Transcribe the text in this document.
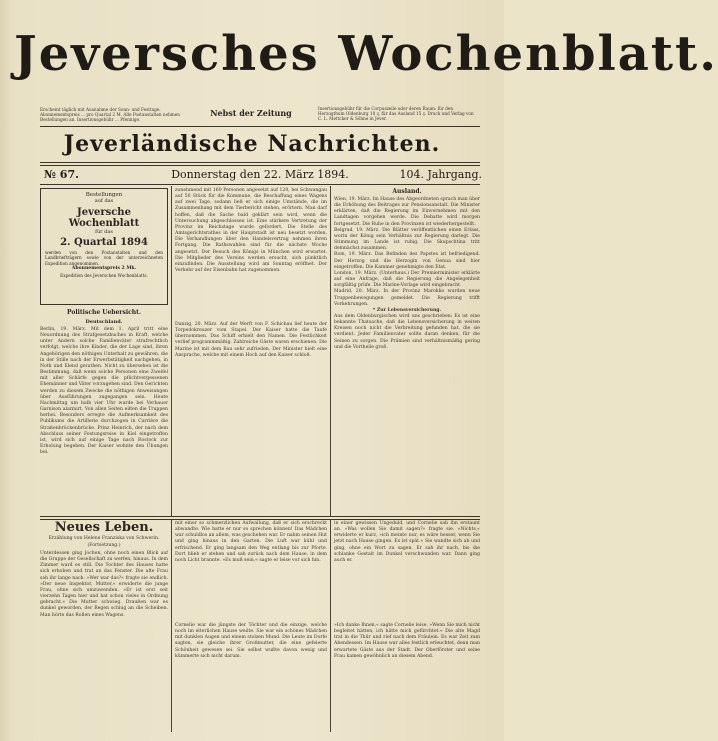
Jeversches Wochenblatt.
Erscheint täglich mit Ausnahme der Sonn- und Festtage. Abonnementspreis ... pro Quartal 2 M. Alle Postanstalten nehmen Bestellungen an. Insertionsgebühr ... Pfennige.
Nebst der Zeitung	Insertionsgebühr für die Corpuszeile oder deren Raum: für den Herzogthum Oldenburg 10 ₰, für das Ausland 15 ₰. Druck und Verlag von C. L. Mettcker & Söhne in Jever.
Jeverländische Nachrichten.
№ 67.	Donnerstag den 22. März 1894.	104. Jahrgang.
Bestellungen
auf das
Jeversche Wochenblatt
für das
2. Quartal 1894
werden von den Postanstalten und den Landbriefträgern sowie von der unterzeichneten Expedition angenommen.
Abonnementspreis 2 Mk.
Expedition des Jeverschen Wochenblatts.
Politische Uebersicht.
Deutschland.

Berlin, 19. März. Mit dem 1. April tritt eine Neuordnung des Strafgesetzbuches in Kraft, welche unter Andern solche Familienväter strafrechtlich verfolgt, welche ihre Kinder, die der Lage sind, ihren Angehörigen den nöthigen Unterhalt zu gewähren, die in der Stille nach der Erwerbstätigkeit nachgehen, in Noth und Elend gerathen. Nicht zu übersehen ist die Bestimmung, daß wenn solche Personen eine Zweifel mit aller Schärfe gegen die pflichtvergessenen Ehemänner und Väter vorzugehen sind. Den Gerichten werden zu diesem Zwecke die nöthigen Anweisungen über Ausführungen zugegangen sein. Heute Nachmittag um halb vier Uhr wurde bei Verbauer Garnison alarmirt. Von allen Seiten eilten die Truppen herbei. Besonders erregte die Aufmerksamkeit des Publikums die Artillerie durchzogen in Carrière die Straßenbrückenbrücke. Prinz Heinrich, der nach dem Abschluss seiner Festungsreise in Kiel eingetroffen ist, wird sich auf einige Tage nach Rostock zur Erholung begeben. Der Kaiser wohnte den Übungen bei.

zunehmend mit 160 Personen angesetzt auf 120, bei Schwangau auf 50 Stück für die Kommune, die Beschaffung eines Wagens auf zwei Tage, sodann ließ er sich einige Umstände, die im Zusammenhang mit dem Tierbericht stehen, erörtern. Man darf hoffen, daß die Sache bald geklärt sein wird, wenn die Untersuchung abgeschlossen ist. Eine stärkere Vertretung der Provinz im Reichstage wurde gefordert. Die Stelle des Amtsgerichtsrathes in der Hauptstadt ist neu besetzt worden. Die Verhandlungen über den Handelsvertrag nehmen ihren Fortgang. Die Rathswahlen sind für die nächste Woche angesetzt. Der Besuch des Königs in München wird erwartet. Die Mitglieder des Vereins werden ersucht, sich pünktlich einzufinden. Die Ausstellung wird am Sonntag eröffnet. Der Verkehr auf der Eisenbahn hat zugenommen.

Danzig, 20. März. Auf der Werft von F. Schichau lief heute der Torpedokreuzer vom Stapel. Der Kaiser hatte die Taufe übernommen. Das Schiff erhielt den Namen. Die Festlichkeit verlief programmmäßig. Zahlreiche Gäste waren erschienen. Die Marine ist mit dem Bau sehr zufrieden. Der Minister hielt eine Ansprache, welche mit einem Hoch auf den Kaiser schloß.

Ausland.

Wien, 19. März. Im Hause des Abgeordneten sprach man über die Erhöhung des Beitrages zur Pensionsanstalt. Die Minister erklärten, daß die Regierung im Einvernehmen mit den Landtagen vorgehen werde. Die Debatte wird morgen fortgesetzt. Die Ruhe in den Provinzen ist wiederhergestellt.

Belgrad, 19. März. Die Blätter veröffentlichen einen Erlass, worin der König sein Verhältnis zur Regierung darlegt. Die Stimmung im Lande ist ruhig. Die Skupschtina tritt demnächst zusammen.

Rom, 19. März. Das Befinden des Papstes ist befriedigend. Der Herzog und die Herzogin von Genua sind hier eingetroffen. Die Kammer genehmigte den Etat.

London, 19. März. (Unterhaus.) Der Premierminister erklärte auf eine Anfrage, daß die Regierung die Angelegenheit sorgfältig prüfe. Die Marine-Vorlage wird eingebracht.

Madrid, 20. März. In der Provinz Marokko wurden neue Truppenbewegungen gemeldet. Die Regierung trifft Vorkehrungen.

* Zur Lebensversicherung.

Aus dem Oldenburgischen wird uns geschrieben: Es ist eine bekannte Thatsache, daß die Lebensversicherung in weiten Kreisen noch nicht die Verbreitung gefunden hat, die sie verdient. Jeder Familienvater sollte daran denken, für die Seinen zu sorgen. Die Prämien sind verhältnismäßig gering und die Vortheile groß.

Neues Leben.
Erzählung von Helene Franziska von Schwerin.
(Fortsetzung.)

Unterdessen ging Jochen, ohne noch einen Blick auf die Gruppe der Gesellschaft zu werfen, hinaus. In dem Zimmer ward es still. Die Tochter des Hauses hatte sich erhoben und trat an das Fenster. Die alte Frau sah ihr lange nach. »Wer war das?« fragte sie endlich. »Der neue Inspektor, Mutter,« erwiderte die junge Frau, ohne sich umzuwenden. »Er ist erst seit vierzehn Tagen hier und hat schon vieles in Ordnung gebracht.« Die Mutter schwieg. Draußen war es dunkel geworden, der Regen schlug an die Scheiben. Man hörte das Rollen eines Wagens.

mit einer so schmerzlichen Aufwallung, daß er sich erschreckt abwandte. Wie hatte er nur so sprechen können! Das Mädchen war schuldlos an allem, was geschehen war. Er nahm seinen Hut und ging hinaus in den Garten. Die Luft war kühl und erfrischend. Er ging langsam den Weg entlang bis zur Pforte. Dort blieb er stehen und sah zurück nach dem Hause, in dem noch Licht brannte. »Es muß sein,« sagte er leise vor sich hin.

Cornelie war die jüngste der Töchter und die einzige, welche noch im elterlichen Hause weilte. Sie war ein schönes Mädchen mit dunklen Augen und einem stolzen Mund. Die Leute im Dorfe sagten, sie gleiche ihrer Großmutter, die eine gefeierte Schönheit gewesen sei. Sie selbst wußte davon wenig und kümmerte sich nicht darum.

in einer gewissen Ungeduld, und Cornelie sah ihn erstaunt an. »Was wollen Sie damit sagen?« fragte sie. »Nichts,« erwiderte er kurz, »ich meinte nur, es wäre besser, wenn Sie jetzt nach Hause gingen. Es ist spät.« Sie wandte sich ab und ging, ohne ein Wort zu sagen. Er sah ihr nach, bis die schlanke Gestalt im Dunkel verschwunden war. Dann ging auch er.

»Ich danke Ihnen,« sagte Cornelie leise. »Wenn Sie mich nicht begleitet hätten, ich hätte mich gefürchtet.« Die alte Magd trat in die Thür und rief nach dem Fräulein. Es war Zeit zum Abendessen. Im Hause war alles festlich erleuchtet, denn man erwartete Gäste aus der Stadt. Der Oberförster und seine Frau kamen gewöhnlich an diesem Abend.
